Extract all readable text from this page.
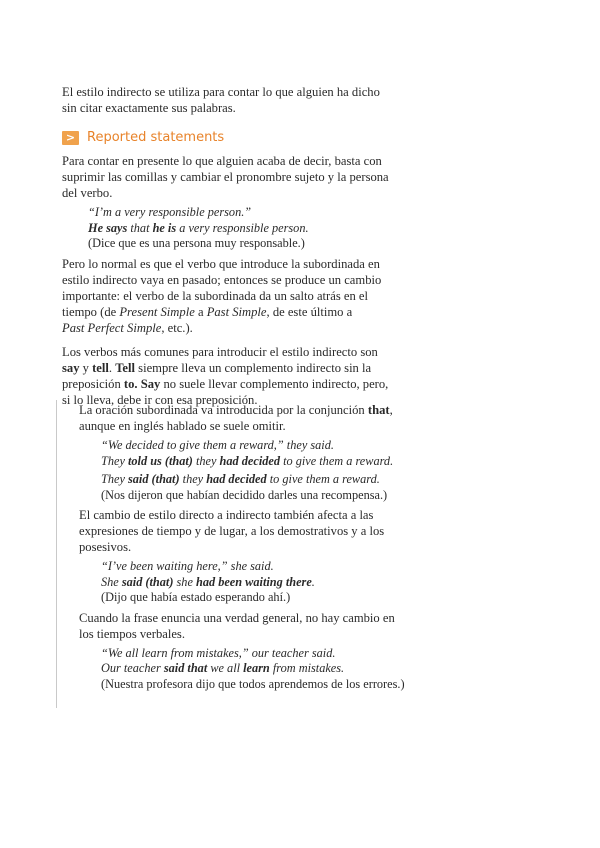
El estilo indirecto se utiliza para contar lo que alguien ha dicho

sin citar exactamente sus palabras.

> Reported statements

Para contar en presente lo que alguien acaba de decir, basta con

suprimir las comillas y cambiar el pronombre sujeto y la persona

del verbo.

“I’m a very responsible person.”

He says that he is a very responsible person.

(Dice que es una persona muy responsable.)

Pero lo normal es que el verbo que introduce la subordinada en

estilo indirecto vaya en pasado; entonces se produce un cambio

importante: el verbo de la subordinada da un salto atrás en el

tiempo (de Present Simple a Past Simple, de este último a

Past Perfect Simple, etc.).

Los verbos más comunes para introducir el estilo indirecto son

say y tell. Tell siempre lleva un complemento indirecto sin la

preposición to. Say no suele llevar complemento indirecto, pero,

si lo lleva, debe ir con esa preposición.

La oración subordinada va introducida por la conjunción that,

aunque en inglés hablado se suele omitir.

“We decided to give them a reward,” they said.

They told us (that) they had decided to give them a reward.

They said (that) they had decided to give them a reward.

(Nos dijeron que habían decidido darles una recompensa.)

El cambio de estilo directo a indirecto también afecta a las

expresiones de tiempo y de lugar, a los demostrativos y a los

posesivos.

“I’ve been waiting here,” she said.

She said (that) she had been waiting there.

(Dijo que había estado esperando ahí.)

Cuando la frase enuncia una verdad general, no hay cambio en

los tiempos verbales.

“We all learn from mistakes,” our teacher said.

Our teacher said that we all learn from mistakes.

(Nuestra profesora dijo que todos aprendemos de los errores.)
